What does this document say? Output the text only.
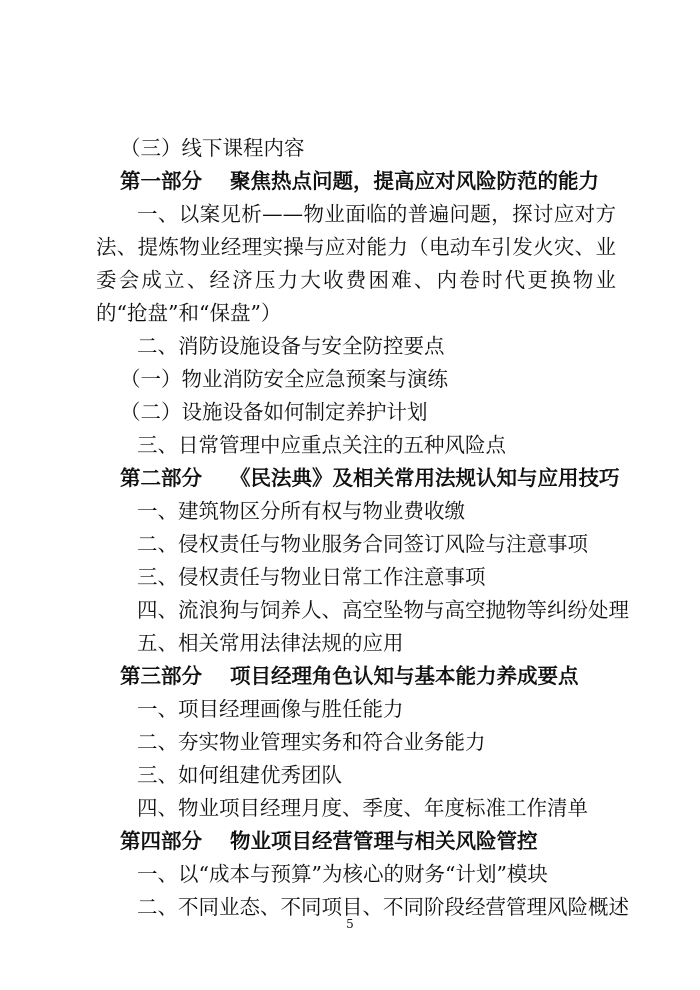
（三）线下课程内容
第一部分 聚焦热点问题，提高应对风险防范的能力
一、以案见析——物业面临的普遍问题，探讨应对方法、提炼物业经理实操与应对能力（电动车引发火灾、业委会成立、经济压力大收费困难、内卷时代更换物业的“抢盘”和“保盘”）
二、消防设施设备与安全防控要点
（一）物业消防安全应急预案与演练
（二）设施设备如何制定养护计划
三、日常管理中应重点关注的五种风险点
第二部分 《民法典》及相关常用法规认知与应用技巧
一、建筑物区分所有权与物业费收缴
二、侵权责任与物业服务合同签订风险与注意事项
三、侵权责任与物业日常工作注意事项
四、流浪狗与饲养人、高空坠物与高空抛物等纠纷处理
五、相关常用法律法规的应用
第三部分 项目经理角色认知与基本能力养成要点
一、项目经理画像与胜任能力
二、夯实物业管理实务和符合业务能力
三、如何组建优秀团队
四、物业项目经理月度、季度、年度标准工作清单
第四部分 物业项目经营管理与相关风险管控
一、以“成本与预算”为核心的财务“计划”模块
二、不同业态、不同项目、不同阶段经营管理风险概述
5
